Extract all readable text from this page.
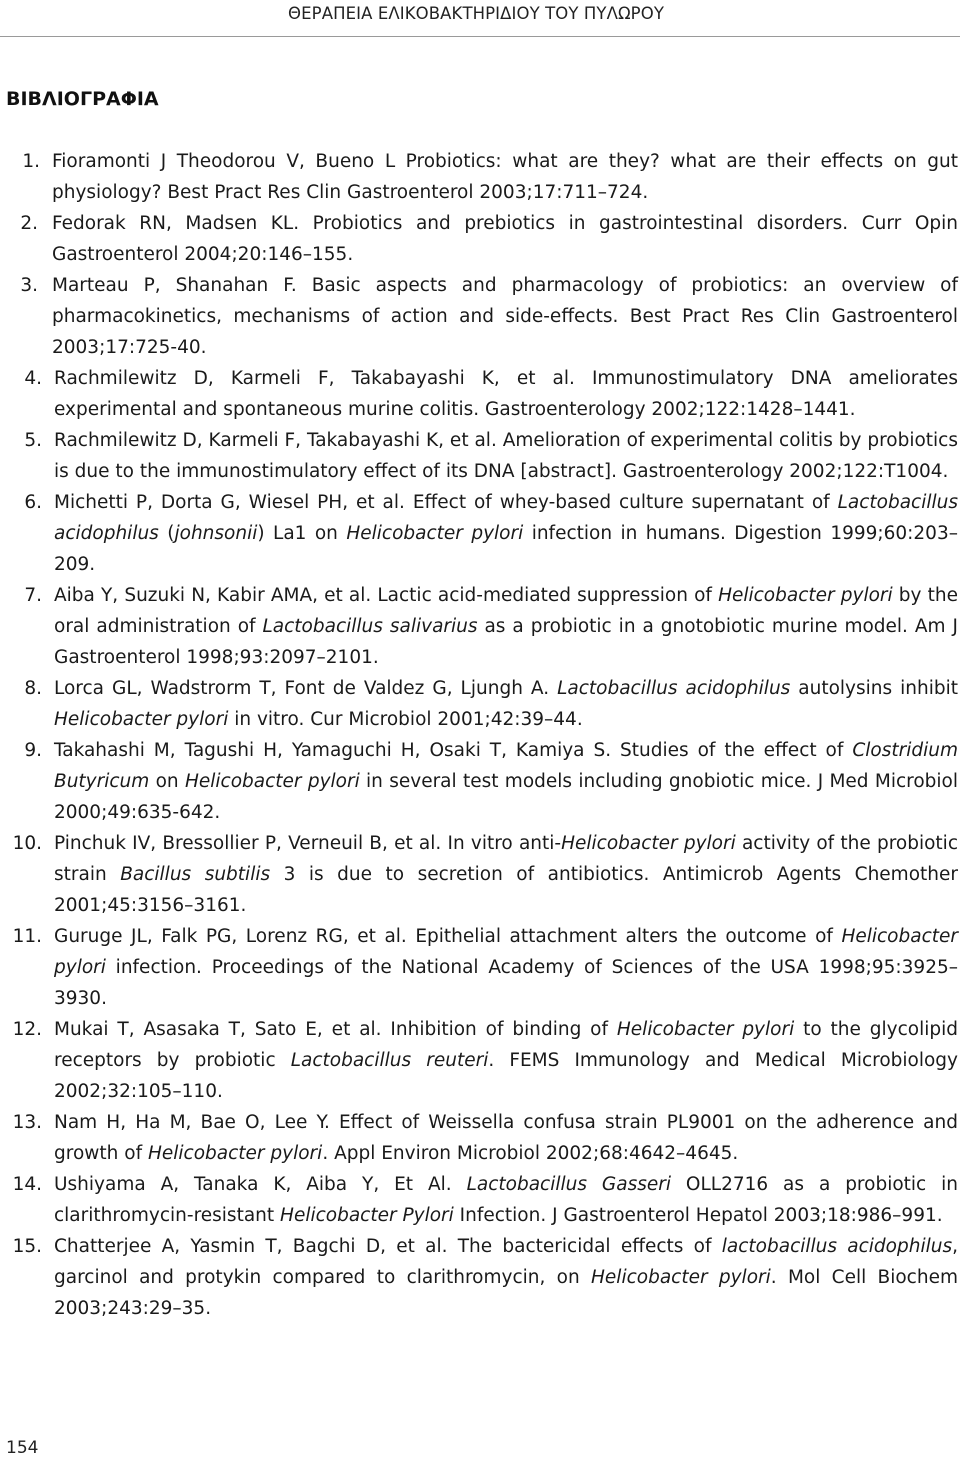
ΘΕΡΑΠΕΙΑ ΕΛΙΚΟΒΑΚΤΗΡΙΔΙΟΥ ΤΟΥ ΠΥΛΩΡΟΥ
ΒΙΒΛΙΟΓΡΑΦΙΑ
1. Fioramonti J Theodorou V, Bueno L Probiotics: what are they? what are their effects on gut physiology? Best Pract Res Clin Gastroenterol 2003;17:711–724.
2. Fedorak RN, Madsen KL. Probiotics and prebiotics in gastrointestinal disorders. Curr Opin Gastroenterol 2004;20:146–155.
3. Marteau P, Shanahan F. Basic aspects and pharmacology of probiotics: an overview of pharmacokinetics, mechanisms of action and side-effects. Best Pract Res Clin Gastroenterol 2003;17:725-40.
4. Rachmilewitz D, Karmeli F, Takabayashi K, et al. Immunostimulatory DNA ameliorates experimental and spontaneous murine colitis. Gastroenterology 2002;122:1428–1441.
5. Rachmilewitz D, Karmeli F, Takabayashi K, et al. Amelioration of experimental colitis by probiotics is due to the immunostimulatory effect of its DNA [abstract]. Gastroenterology 2002;122:T1004.
6. Michetti P, Dorta G, Wiesel PH, et al. Effect of whey-based culture supernatant of Lactobacillus acidophilus (johnsonii) La1 on Helicobacter pylori infection in humans. Digestion 1999;60:203–209.
7. Aiba Y, Suzuki N, Kabir AMA, et al. Lactic acid-mediated suppression of Helicobacter pylori by the oral administration of Lactobacillus salivarius as a probiotic in a gnotobiotic murine model. Am J Gastroenterol 1998;93:2097–2101.
8. Lorca GL, Wadstrorm T, Font de Valdez G, Ljungh A. Lactobacillus acidophilus autolysins inhibit Helicobacter pylori in vitro. Cur Microbiol 2001;42:39–44.
9. Takahashi M, Tagushi H, Yamaguchi H, Osaki T, Kamiya S. Studies of the effect of Clostridium Butyricum on Helicobacter pylori in several test models including gnobiotic mice. J Med Microbiol 2000;49:635-642.
10. Pinchuk IV, Bressollier P, Verneuil B, et al. In vitro anti-Helicobacter pylori activity of the probiotic strain Bacillus subtilis 3 is due to secretion of antibiotics. Antimicrob Agents Chemother 2001;45:3156–3161.
11. Guruge JL, Falk PG, Lorenz RG, et al. Epithelial attachment alters the outcome of Helicobacter pylori infection. Proceedings of the National Academy of Sciences of the USA 1998;95:3925–3930.
12. Mukai T, Asasaka T, Sato E, et al. Inhibition of binding of Helicobacter pylori to the glycolipid receptors by probiotic Lactobacillus reuteri. FEMS Immunology and Medical Microbiology 2002;32:105–110.
13. Nam H, Ha M, Bae O, Lee Y. Effect of Weissella confusa strain PL9001 on the adherence and growth of Helicobacter pylori. Appl Environ Microbiol 2002;68:4642–4645.
14. Ushiyama A, Tanaka K, Aiba Y, Et Al. Lactobacillus Gasseri OLL2716 as a probiotic in clarithromycin-resistant Helicobacter Pylori Infection. J Gastroenterol Hepatol 2003;18:986–991.
15. Chatterjee A, Yasmin T, Bagchi D, et al. The bactericidal effects of lactobacillus acidophilus, garcinol and protykin compared to clarithromycin, on Helicobacter pylori. Mol Cell Biochem 2003;243:29–35.
154
